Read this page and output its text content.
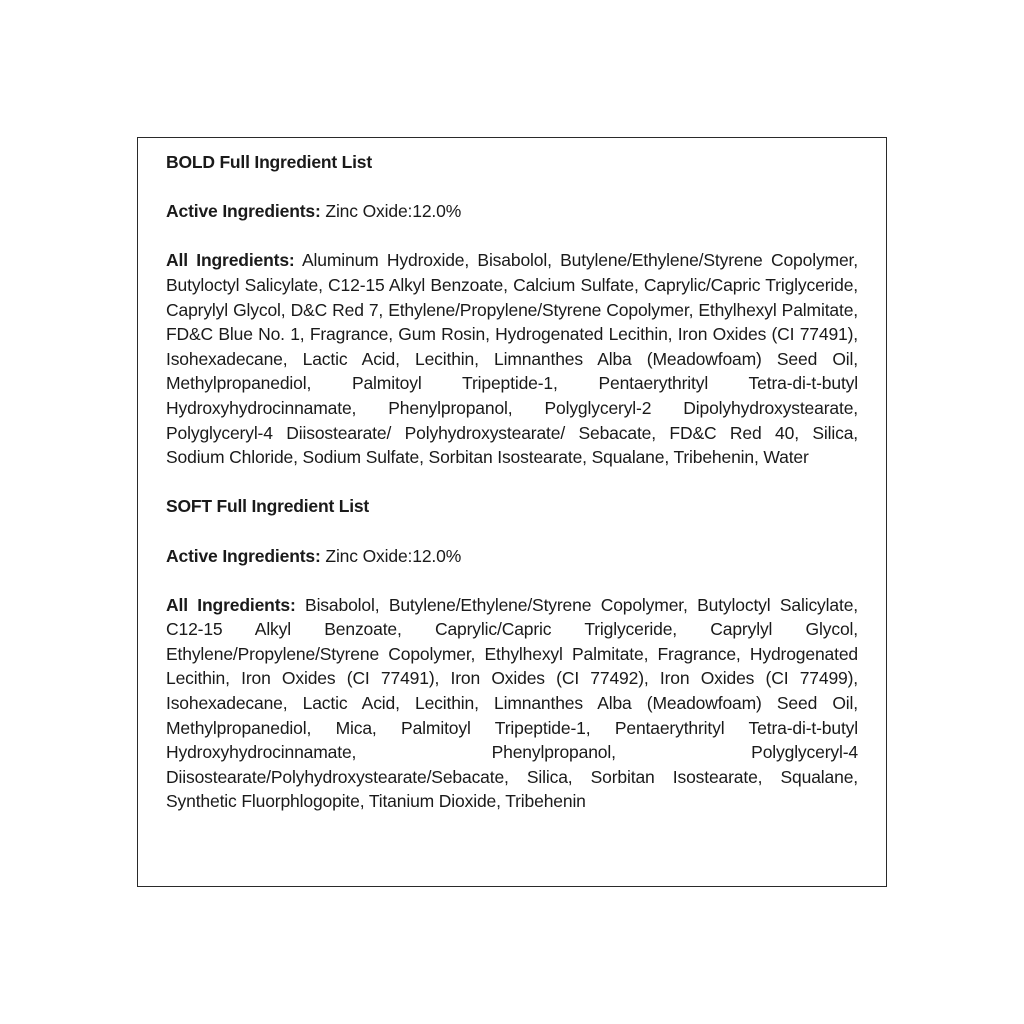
BOLD Full Ingredient List

Active Ingredients: Zinc Oxide:12.0%

All Ingredients: Aluminum Hydroxide, Bisabolol, Butylene/Ethylene/Styrene Copolymer, Butyloctyl Salicylate, C12-15 Alkyl Benzoate, Calcium Sulfate, Caprylic/Capric Triglyceride, Caprylyl Glycol, D&C Red 7, Ethylene/Propylene/Styrene Copolymer, Ethylhexyl Palmitate, FD&C Blue No. 1, Fragrance, Gum Rosin, Hydrogenated Lecithin, Iron Oxides (CI 77491), Isohexadecane, Lactic Acid, Lecithin, Limnanthes Alba (Meadowfoam) Seed Oil, Methylpropanediol, Palmitoyl Tripeptide-1, Pentaerythrityl Tetra-di-t-butyl Hydroxyhydrocinnamate, Phenylpropanol, Polyglyceryl-2 Dipolyhydroxystearate, Polyglyceryl-4 Diisostearate/ Polyhydroxystearate/ Sebacate, FD&C Red 40, Silica, Sodium Chloride, Sodium Sulfate, Sorbitan Isostearate, Squalane, Tribehenin, Water

SOFT Full Ingredient List

Active Ingredients: Zinc Oxide:12.0%

All Ingredients: Bisabolol, Butylene/Ethylene/Styrene Copolymer, Butyloctyl Salicylate, C12-15 Alkyl Benzoate, Caprylic/Capric Triglyceride, Caprylyl Glycol, Ethylene/Propylene/Styrene Copolymer, Ethylhexyl Palmitate, Fragrance, Hydrogenated Lecithin, Iron Oxides (CI 77491), Iron Oxides (CI 77492), Iron Oxides (CI 77499), Isohexadecane, Lactic Acid, Lecithin, Limnanthes Alba (Meadowfoam) Seed Oil, Methylpropanediol, Mica, Palmitoyl Tripeptide-1, Pentaerythrityl Tetra-di-t-butyl Hydroxyhydrocinnamate, Phenylpropanol, Polyglyceryl-4 Diisostearate/Polyhydroxystearate/Sebacate, Silica, Sorbitan Isostearate, Squalane, Synthetic Fluorphlogopite, Titanium Dioxide, Tribehenin
